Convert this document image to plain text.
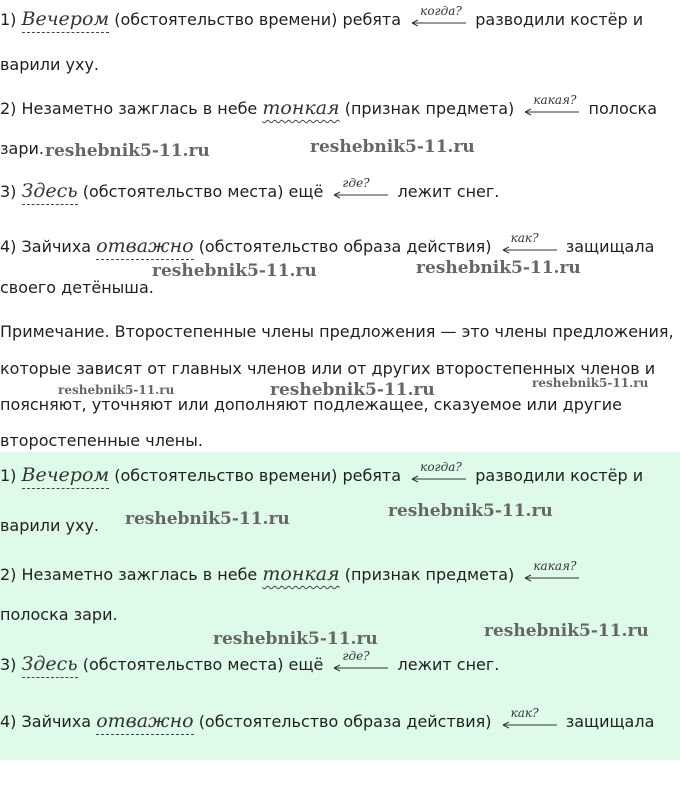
1) Вечером (обстоятельство времени) ребята когда? разводили костёр и
варили уху.
2) Незаметно зажглась в небе тонкая (признак предмета) какая? полоска
зари.
3) Здесь (обстоятельство места) ещё где? лежит снег.
4) Зайчиха отважно (обстоятельство образа действия) как? защищала
своего детёныша.
Примечание. Второстепенные члены предложения — это члены предложения,
которые зависят от главных членов или от других второстепенных членов и
поясняют, уточняют или дополняют подлежащее, сказуемое или другие
второстепенные члены.
1) Вечером (обстоятельство времени) ребята когда? разводили костёр и
варили уху.
2) Незаметно зажглась в небе тонкая (признак предмета) какая?
полоска зари.
3) Здесь (обстоятельство места) ещё где? лежит снег.
4) Зайчиха отважно (обстоятельство образа действия) как? защищала
reshebnik5-11.ru	reshebnik5-11.ru
reshebnik5-11.ru	reshebnik5-11.ru
reshebnik5-11.ru	reshebnik5-11.ru	reshebnik5-11.ru
reshebnik5-11.ru	reshebnik5-11.ru
reshebnik5-11.ru	reshebnik5-11.ru
